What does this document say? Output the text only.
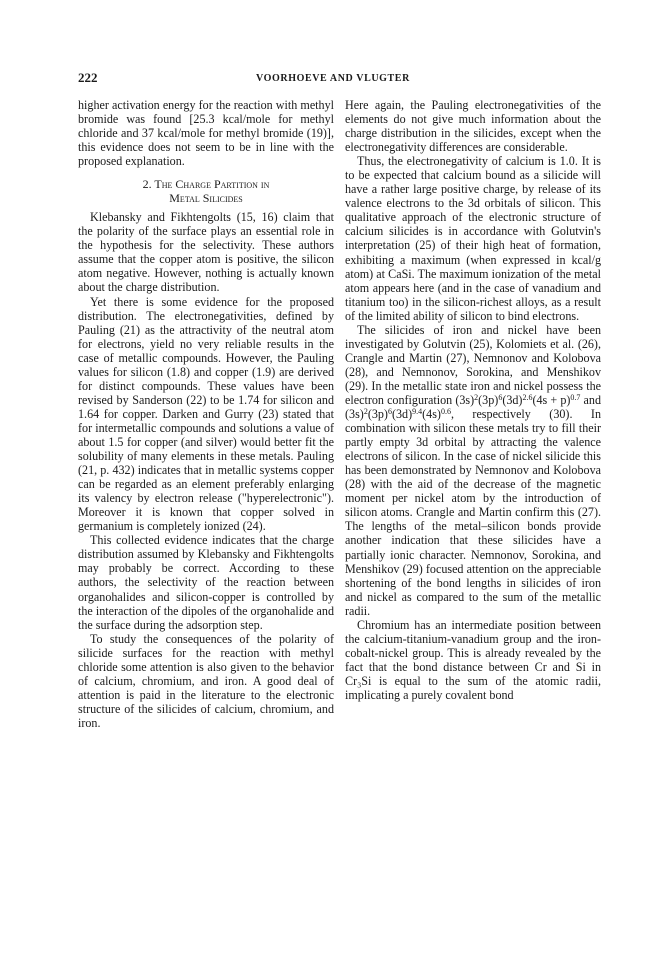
222	VOORHOEVE AND VLUGTER

higher activation energy for the reaction with methyl bromide was found [25.3 kcal/mole for methyl chloride and 37 kcal/mole for methyl bromide (19)], this evidence does not seem to be in line with the proposed explanation.

2. The Charge Partition in
Metal Silicides

Klebansky and Fikhtengolts (15, 16) claim that the polarity of the surface plays an essential role in the hypothesis for the selectivity. These authors assume that the copper atom is positive, the silicon atom negative. However, nothing is actually known about the charge distribution.

Yet there is some evidence for the proposed distribution. The electronegativities, defined by Pauling (21) as the attractivity of the neutral atom for electrons, yield no very reliable results in the case of metallic compounds. However, the Pauling values for silicon (1.8) and copper (1.9) are derived for distinct compounds. These values have been revised by Sanderson (22) to be 1.74 for silicon and 1.64 for copper. Darken and Gurry (23) stated that for intermetallic compounds and solutions a value of about 1.5 for copper (and silver) would better fit the solubility of many elements in these metals. Pauling (21, p. 432) indicates that in metallic systems copper can be regarded as an element preferably enlarging its valency by electron release ("hyperelectronic"). Moreover it is known that copper solved in germanium is completely ionized (24).

This collected evidence indicates that the charge distribution assumed by Klebansky and Fikhtengolts may probably be correct. According to these authors, the selectivity of the reaction between organohalides and silicon-copper is controlled by the interaction of the dipoles of the organohalide and the surface during the adsorption step.

To study the consequences of the polarity of silicide surfaces for the reaction with methyl chloride some attention is also given to the behavior of calcium, chromium, and iron. A good deal of attention is paid in the literature to the electronic structure of the silicides of calcium, chromium, and iron.

Here again, the Pauling electronegativities of the elements do not give much information about the charge distribution in the silicides, except when the electronegativity differences are considerable.

Thus, the electronegativity of calcium is 1.0. It is to be expected that calcium bound as a silicide will have a rather large positive charge, by release of its valence electrons to the 3d orbitals of silicon. This qualitative approach of the electronic structure of calcium silicides is in accordance with Golutvin's interpretation (25) of their high heat of formation, exhibiting a maximum (when expressed in kcal/g atom) at CaSi. The maximum ionization of the metal atom appears here (and in the case of vanadium and titanium too) in the silicon-richest alloys, as a result of the limited ability of silicon to bind electrons.

The silicides of iron and nickel have been investigated by Golutvin (25), Kolomiets et al. (26), Crangle and Martin (27), Nemnonov and Kolobova (28), and Nemnonov, Sorokina, and Menshikov (29). In the metallic state iron and nickel possess the electron configuration $(3s)^2(3p)^6(3d)^{2.6}(4s + p)^{0.7}$ and $(3s)^2(3p)^6(3d)^{9.4}(4s)^{0.6}$, respectively (30). In combination with silicon these metals try to fill their partly empty 3d orbital by attracting the valence electrons of silicon. In the case of nickel silicide this has been demonstrated by Nemnonov and Kolobova (28) with the aid of the decrease of the magnetic moment per nickel atom by the introduction of silicon atoms. Crangle and Martin confirm this (27). The lengths of the metal–silicon bonds provide another indication that these silicides have a partially ionic character. Nemnonov, Sorokina, and Menshikov (29) focused attention on the appreciable shortening of the bond lengths in silicides of iron and nickel as compared to the sum of the metallic radii.

Chromium has an intermediate position between the calcium-titanium-vanadium group and the iron-cobalt-nickel group. This is already revealed by the fact that the bond distance between Cr and Si in Cr₃Si is equal to the sum of the atomic radii, implicating a purely covalent bond
